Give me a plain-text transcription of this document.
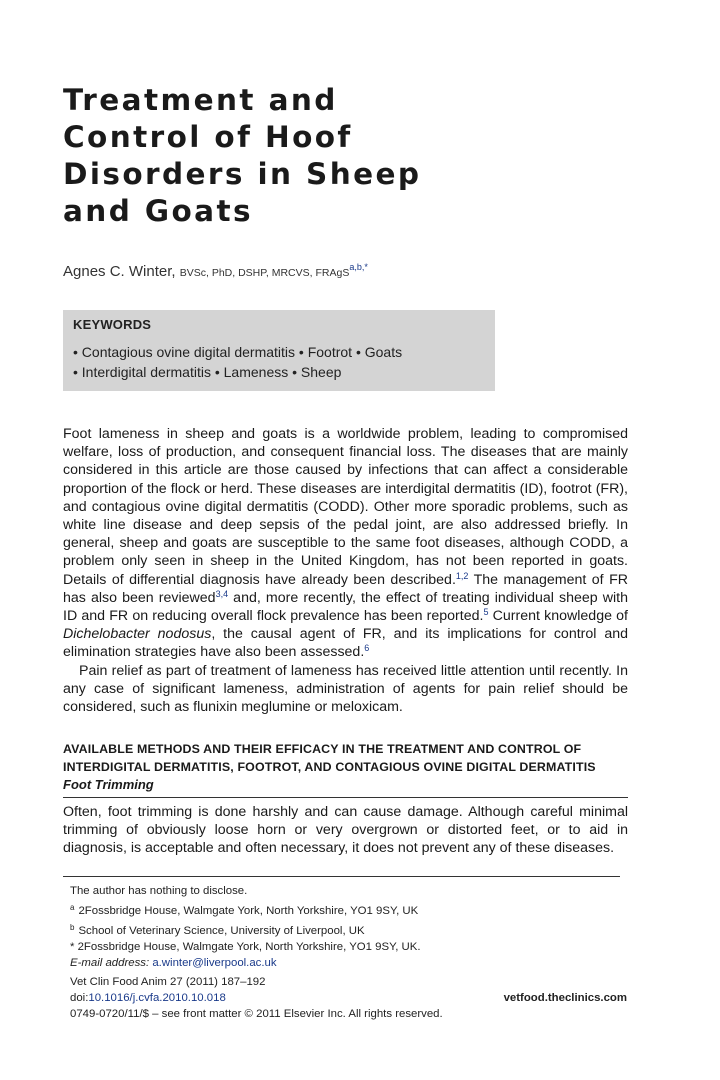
Treatment and
Control of Hoof
Disorders in Sheep
and Goats
Agnes C. Winter, BVSc, PhD, DSHP, MRCVS, FRAgS$^{a,b,*}$
KEYWORDS
• Contagious ovine digital dermatitis • Footrot • Goats
• Interdigital dermatitis • Lameness • Sheep

Foot lameness in sheep and goats is a worldwide problem, leading to compromised welfare, loss of production, and consequent financial loss. The diseases that are mainly considered in this article are those caused by infections that can affect a considerable proportion of the flock or herd. These diseases are interdigital dermatitis (ID), footrot (FR), and contagious ovine digital dermatitis (CODD). Other more sporadic problems, such as white line disease and deep sepsis of the pedal joint, are also addressed briefly. In general, sheep and goats are susceptible to the same foot diseases, although CODD, a problem only seen in sheep in the United Kingdom, has not been reported in goats. Details of differential diagnosis have already been described.$^{1,2}$ The management of FR has also been reviewed$^{3,4}$ and, more recently, the effect of treating individual sheep with ID and FR on reducing overall flock prevalence has been reported.$^5$ Current knowledge of Dichelobacter nodosus, the causal agent of FR, and its implications for control and elimination strategies have also been assessed.$^6$

Pain relief as part of treatment of lameness has received little attention until recently. In any case of significant lameness, administration of agents for pain relief should be considered, such as flunixin meglumine or meloxicam.

AVAILABLE METHODS AND THEIR EFFICACY IN THE TREATMENT AND CONTROL OF
INTERDIGITAL DERMATITIS, FOOTROT, AND CONTAGIOUS OVINE DIGITAL DERMATITIS
Foot Trimming

Often, foot trimming is done harshly and can cause damage. Although careful minimal trimming of obviously loose horn or very overgrown or distorted feet, or to aid in diagnosis, is acceptable and often necessary, it does not prevent any of these diseases.

The author has nothing to disclose.
$^a$ 2Fossbridge House, Walmgate York, North Yorkshire, YO1 9SY, UK
$^b$ School of Veterinary Science, University of Liverpool, UK
* 2Fossbridge House, Walmgate York, North Yorkshire, YO1 9SY, UK.
E-mail address: a.winter@liverpool.ac.uk
Vet Clin Food Anim 27 (2011) 187–192
doi:10.1016/j.cvfa.2010.10.018	vetfood.theclinics.com
0749-0720/11/$ – see front matter © 2011 Elsevier Inc. All rights reserved.
